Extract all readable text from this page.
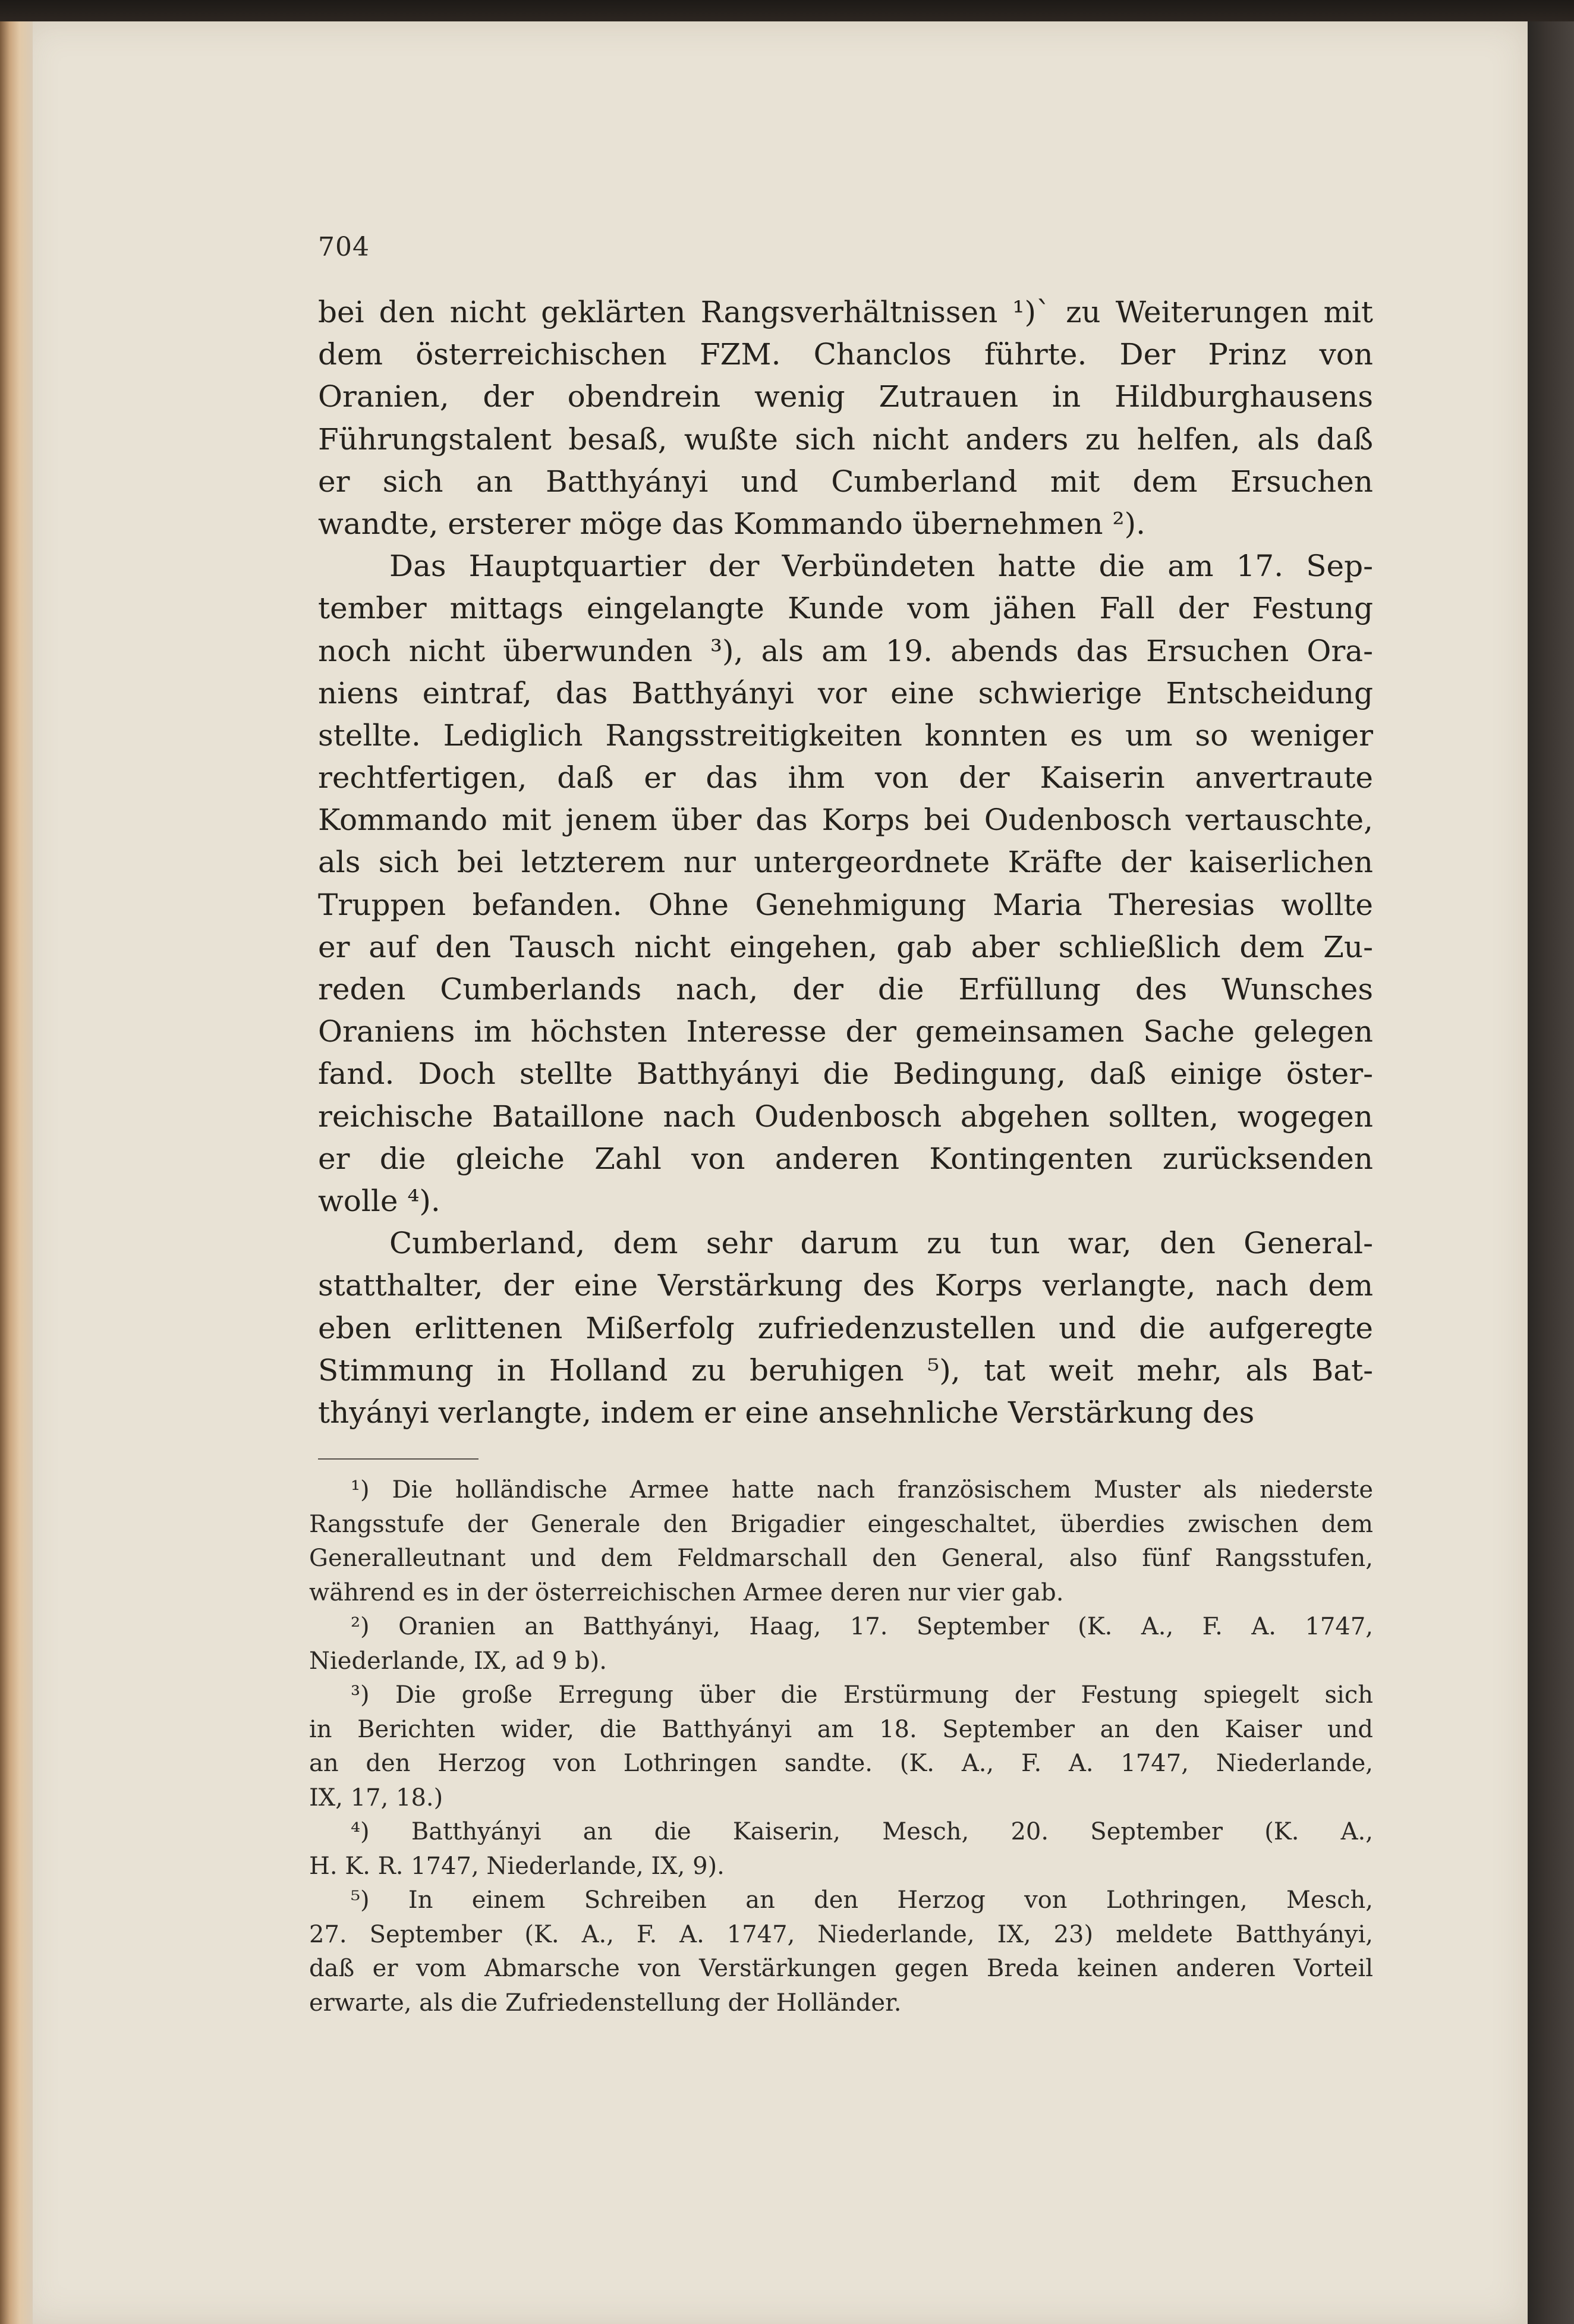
704
bei den nicht geklärten Rangsverhältnissen ¹)` zu Weiterungen mit
dem österreichischen FZM. Chanclos führte. Der Prinz von
Oranien, der obendrein wenig Zutrauen in Hildburghausens
Führungstalent besaß, wußte sich nicht anders zu helfen, als daß
er sich an Batthyányi und Cumberland mit dem Ersuchen
wandte, ersterer möge das Kommando übernehmen ²).
Das Hauptquartier der Verbündeten hatte die am 17. Sep-
tember mittags eingelangte Kunde vom jähen Fall der Festung
noch nicht überwunden ³), als am 19. abends das Ersuchen Ora-
niens eintraf, das Batthyányi vor eine schwierige Entscheidung
stellte. Lediglich Rangsstreitigkeiten konnten es um so weniger
rechtfertigen, daß er das ihm von der Kaiserin anvertraute
Kommando mit jenem über das Korps bei Oudenbosch vertauschte,
als sich bei letzterem nur untergeordnete Kräfte der kaiserlichen
Truppen befanden. Ohne Genehmigung Maria Theresias wollte
er auf den Tausch nicht eingehen, gab aber schließlich dem Zu-
reden Cumberlands nach, der die Erfüllung des Wunsches
Oraniens im höchsten Interesse der gemeinsamen Sache gelegen
fand. Doch stellte Batthyányi die Bedingung, daß einige öster-
reichische Bataillone nach Oudenbosch abgehen sollten, wogegen
er die gleiche Zahl von anderen Kontingenten zurücksenden
wolle ⁴).
Cumberland, dem sehr darum zu tun war, den General-
statthalter, der eine Verstärkung des Korps verlangte, nach dem
eben erlittenen Mißerfolg zufriedenzustellen und die aufgeregte
Stimmung in Holland zu beruhigen ⁵), tat weit mehr, als Bat-
thyányi verlangte, indem er eine ansehnliche Verstärkung des
¹) Die holländische Armee hatte nach französischem Muster als niederste
Rangsstufe der Generale den Brigadier eingeschaltet, überdies zwischen dem
Generalleutnant und dem Feldmarschall den General, also fünf Rangsstufen,
während es in der österreichischen Armee deren nur vier gab.
²) Oranien an Batthyányi, Haag, 17. September (K. A., F. A. 1747,
Niederlande, IX, ad 9 b).
³) Die große Erregung über die Erstürmung der Festung spiegelt sich
in Berichten wider, die Batthyányi am 18. September an den Kaiser und
an den Herzog von Lothringen sandte. (K. A., F. A. 1747, Niederlande,
IX, 17, 18.)
⁴) Batthyányi an die Kaiserin, Mesch, 20. September (K. A.,
H. K. R. 1747, Niederlande, IX, 9).
⁵) In einem Schreiben an den Herzog von Lothringen, Mesch,
27. September (K. A., F. A. 1747, Niederlande, IX, 23) meldete Batthyányi,
daß er vom Abmarsche von Verstärkungen gegen Breda keinen anderen Vorteil
erwarte, als die Zufriedenstellung der Holländer.
